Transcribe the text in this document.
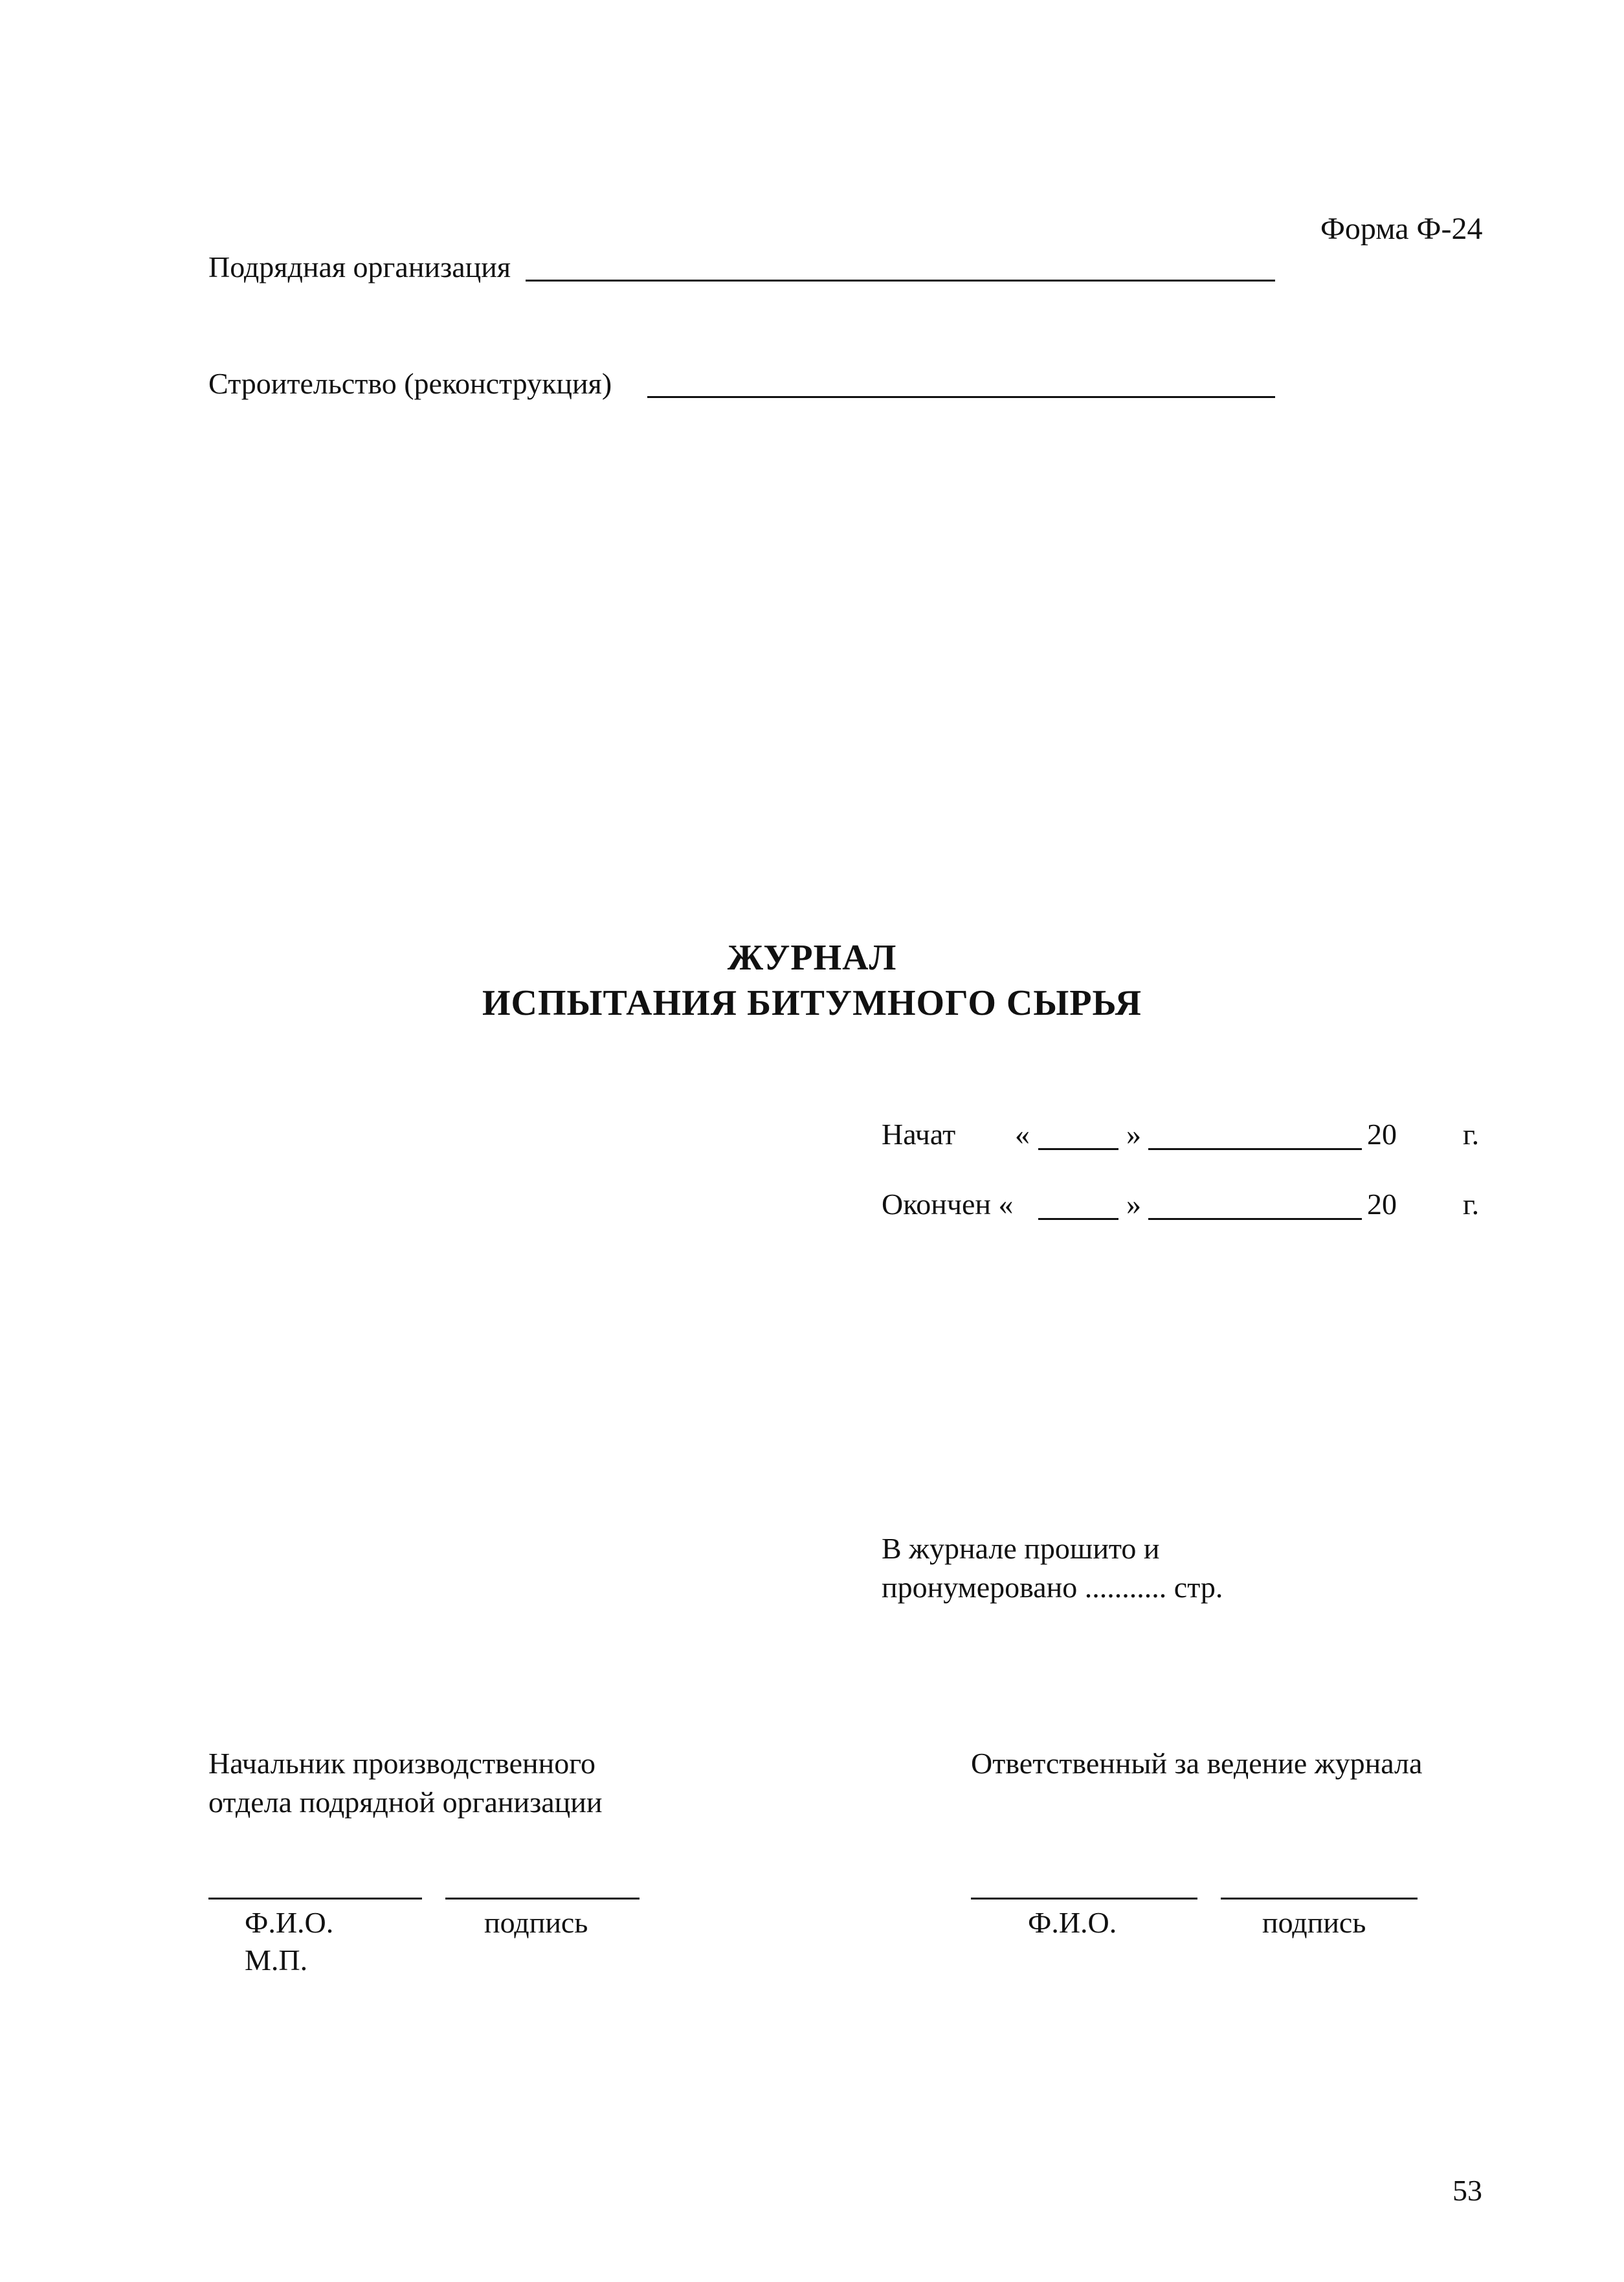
Форма Ф-24
Подрядная организация
Строительство (реконструкция)
ЖУРНАЛ
ИСПЫТАНИЯ БИТУМНОГО СЫРЬЯ
Начат «	»	20 г.
Окончен «	»	20 г.
В журнале прошито и
пронумеровано ........... стр.
Начальник производственного
отдела подрядной организации
Ф.И.О.	подпись
М.П.
Ответственный за ведение журнала
Ф.И.О.	подпись
53
